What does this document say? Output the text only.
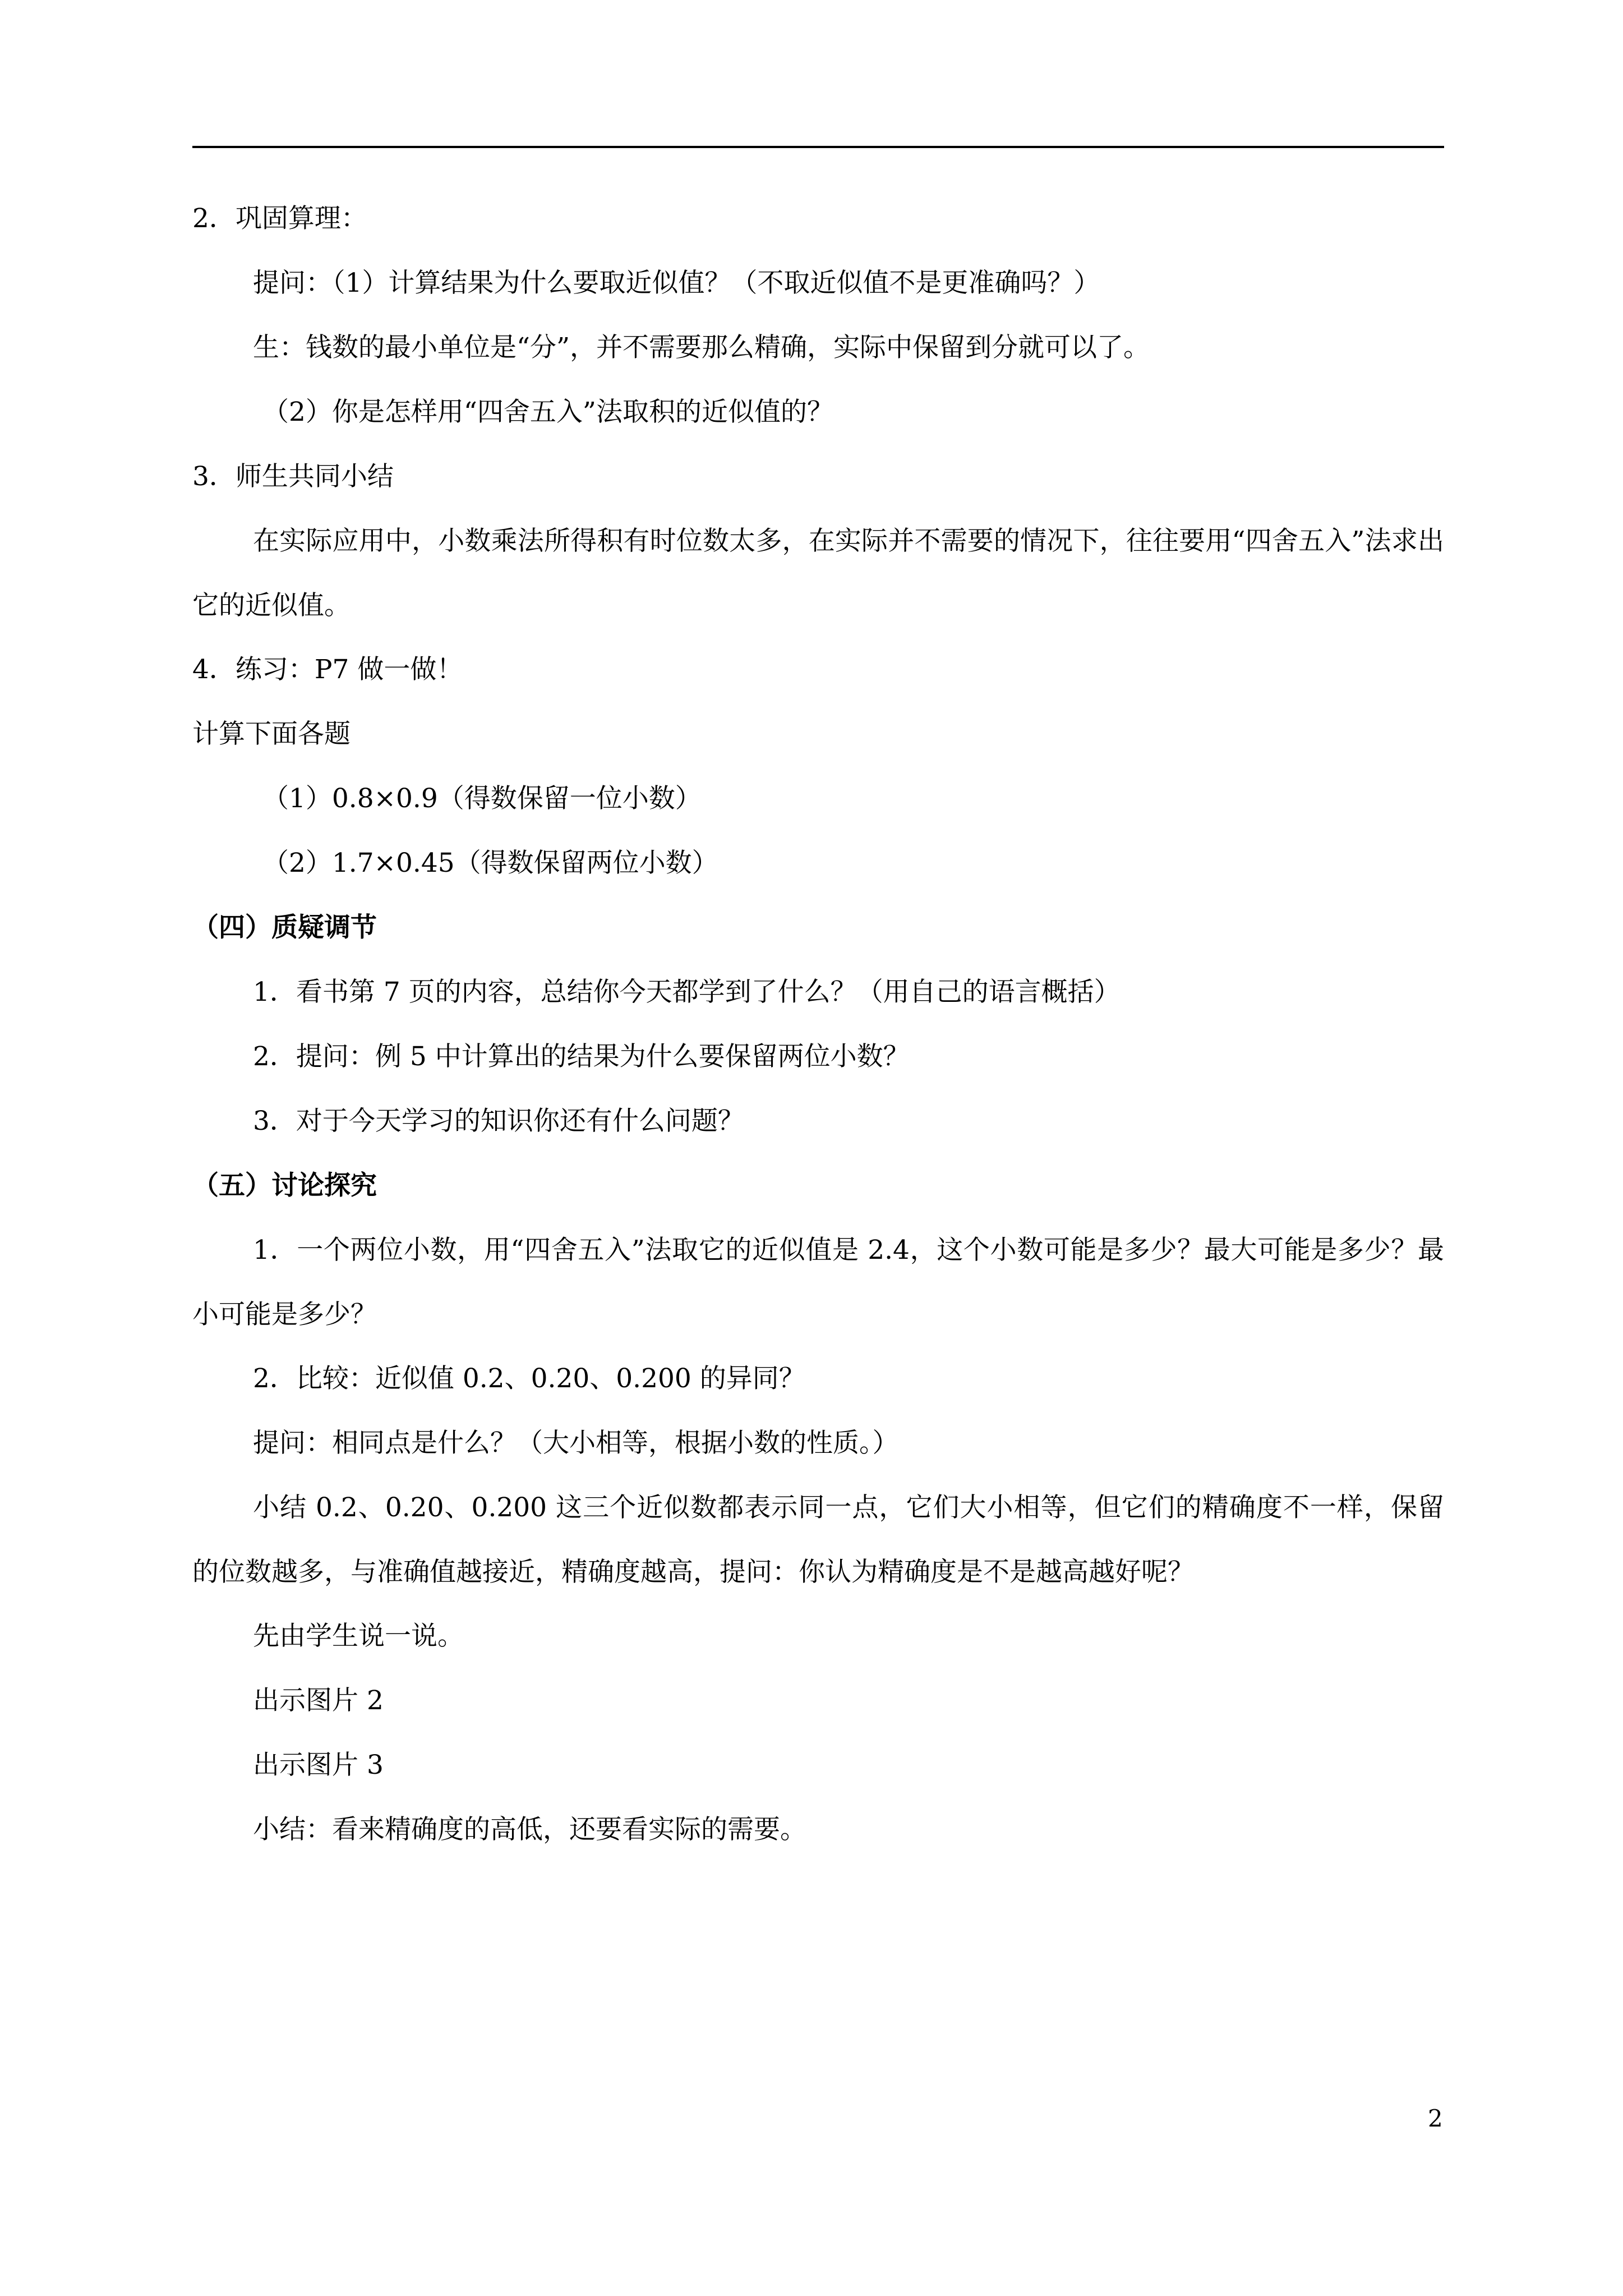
2．巩固算理：
提问：（1）计算结果为什么要取近似值？（不取近似值不是更准确吗？）
生：钱数的最小单位是“分”，并不需要那么精确，实际中保留到分就可以了。
（2）你是怎样用“四舍五入”法取积的近似值的？
3．师生共同小结
在实际应用中，小数乘法所得积有时位数太多，在实际并不需要的情况下，往往要用“四舍五入”法求出它的近似值。
4．练习：P7 做一做！
计算下面各题
（1）0.8×0.9（得数保留一位小数）
（2）1.7×0.45（得数保留两位小数）
（四）质疑调节
1．看书第 7 页的内容，总结你今天都学到了什么？（用自己的语言概括）
2．提问：例 5 中计算出的结果为什么要保留两位小数？
3．对于今天学习的知识你还有什么问题？
（五）讨论探究
1．一个两位小数，用“四舍五入”法取它的近似值是 2.4，这个小数可能是多少？最大可能是多少？最小可能是多少？
2．比较：近似值 0.2、0.20、0.200 的异同？
提问：相同点是什么？（大小相等，根据小数的性质。）
小结 0.2、0.20、0.200 这三个近似数都表示同一点，它们大小相等，但它们的精确度不一样，保留的位数越多，与准确值越接近，精确度越高，提问：你认为精确度是不是越高越好呢？
先由学生说一说。
出示图片 2
出示图片 3
小结：看来精确度的高低，还要看实际的需要。
2
